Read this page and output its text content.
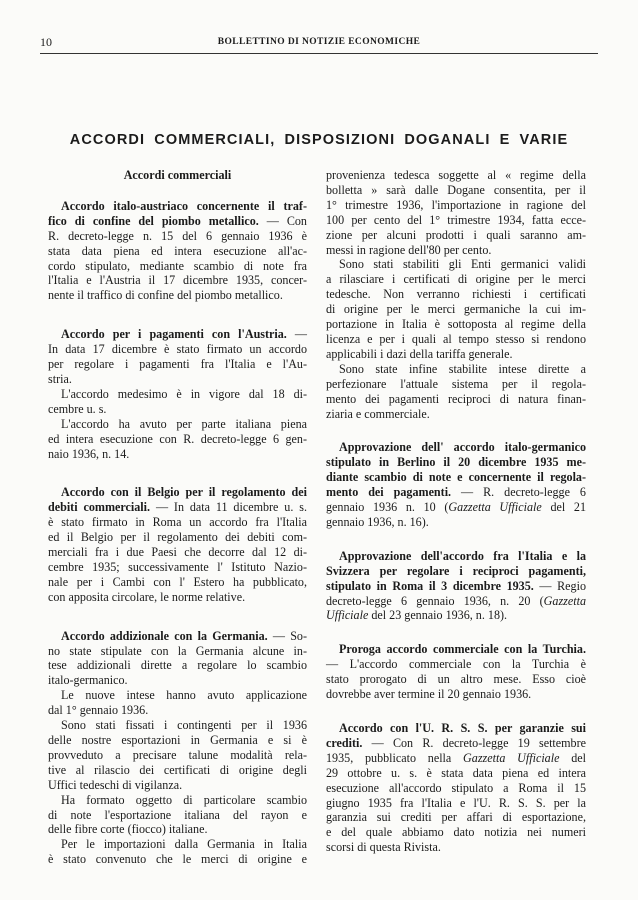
10	BOLLETTINO DI NOTIZIE ECONOMICHE
ACCORDI COMMERCIALI, DISPOSIZIONI DOGANALI E VARIE
Accordi commerciali
Accordo italo-austriaco concernente il traf-
fico di confine del piombo metallico. — Con
R. decreto-legge n. 15 del 6 gennaio 1936 è
stata data piena ed intera esecuzione all'ac-
cordo stipulato, mediante scambio di note fra
l'Italia e l'Austria il 17 dicembre 1935, concer-
nente il traffico di confine del piombo metallico.
Accordo per i pagamenti con l'Austria. —
In data 17 dicembre è stato firmato un accordo
per regolare i pagamenti fra l'Italia e l'Au-
stria.
L'accordo medesimo è in vigore dal 18 di-
cembre u. s.
L'accordo ha avuto per parte italiana piena
ed intera esecuzione con R. decreto-legge 6 gen-
naio 1936, n. 14.
Accordo con il Belgio per il regolamento dei
debiti commerciali. — In data 11 dicembre u. s.
è stato firmato in Roma un accordo fra l'Italia
ed il Belgio per il regolamento dei debiti com-
merciali fra i due Paesi che decorre dal 12 di-
cembre 1935; successivamente l' Istituto Nazio-
nale per i Cambi con l' Estero ha pubblicato,
con apposita circolare, le norme relative.
Accordo addizionale con la Germania. — So-
no state stipulate con la Germania alcune in-
tese addizionali dirette a regolare lo scambio
italo-germanico.
Le nuove intese hanno avuto applicazione
dal 1° gennaio 1936.
Sono stati fissati i contingenti per il 1936
delle nostre esportazioni in Germania e si è
provveduto a precisare talune modalità rela-
tive al rilascio dei certificati di origine degli
Uffici tedeschi di vigilanza.
Ha formato oggetto di particolare scambio
di note l'esportazione italiana del rayon e
delle fibre corte (fiocco) italiane.
Per le importazioni dalla Germania in Italia
è stato convenuto che le merci di origine e
provenienza tedesca soggette al « regime della
bolletta » sarà dalle Dogane consentita, per il
1° trimestre 1936, l'importazione in ragione del
100 per cento del 1° trimestre 1934, fatta ecce-
zione per alcuni prodotti i quali saranno am-
messi in ragione dell'80 per cento.
Sono stati stabiliti gli Enti germanici validi
a rilasciare i certificati di origine per le merci
tedesche. Non verranno richiesti i certificati
di origine per le merci germaniche la cui im-
portazione in Italia è sottoposta al regime della
licenza e per i quali al tempo stesso si rendono
applicabili i dazi della tariffa generale.
Sono state infine stabilite intese dirette a
perfezionare l'attuale sistema per il regola-
mento dei pagamenti reciproci di natura finan-
ziaria e commerciale.
Approvazione dell' accordo italo-germanico
stipulato in Berlino il 20 dicembre 1935 me-
diante scambio di note e concernente il regola-
mento dei pagamenti. — R. decreto-legge 6
gennaio 1936 n. 10 (Gazzetta Ufficiale del 21
gennaio 1936, n. 16).
Approvazione dell'accordo fra l'Italia e la
Svizzera per regolare i reciproci pagamenti,
stipulato in Roma il 3 dicembre 1935. — Regio
decreto-legge 6 gennaio 1936, n. 20 (Gazzetta
Ufficiale del 23 gennaio 1936, n. 18).
Proroga accordo commerciale con la Turchia.
— L'accordo commerciale con la Turchia è
stato prorogato di un altro mese. Esso cioè
dovrebbe aver termine il 20 gennaio 1936.
Accordo con l'U. R. S. S. per garanzie sui
crediti. — Con R. decreto-legge 19 settembre
1935, pubblicato nella Gazzetta Ufficiale del
29 ottobre u. s. è stata data piena ed intera
esecuzione all'accordo stipulato a Roma il 15
giugno 1935 fra l'Italia e l'U. R. S. S. per la
garanzia sui crediti per affari di esportazione,
e del quale abbiamo dato notizia nei numeri
scorsi di questa Rivista.
